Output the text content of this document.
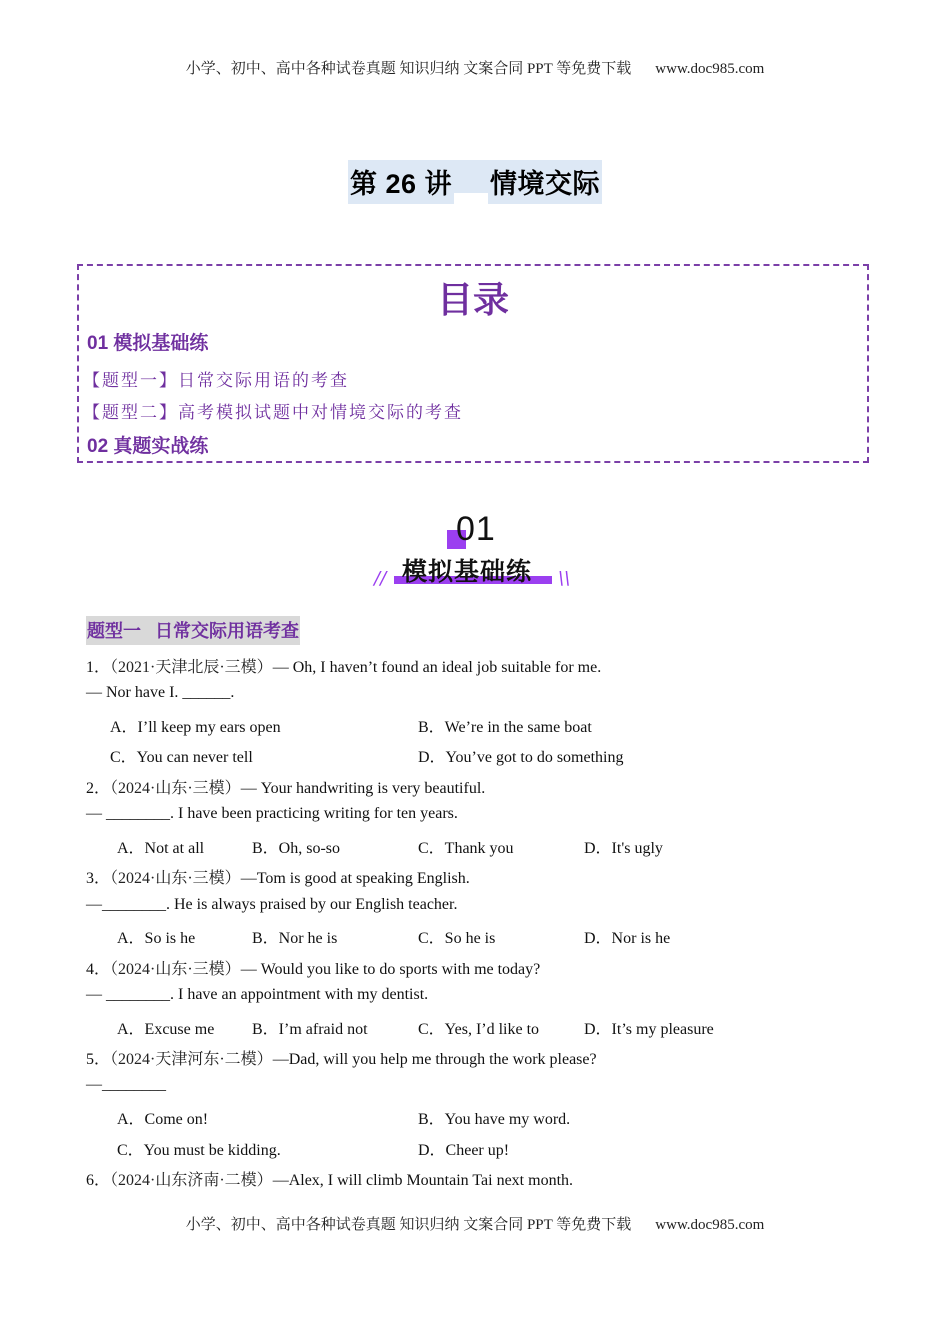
小学、初中、高中各种试卷真题 知识归纳 文案合同 PPT 等免费下载 www.doc985.com
第 26 讲 情境交际
目录
01 模拟基础练
【题型一】日常交际用语的考查
【题型二】高考模拟试题中对情境交际的考查
02 真题实战练
01
模拟基础练
//	\\
题型一 日常交际用语考查
1．（2021·天津北辰·三模）— Oh, I haven’t found an ideal job suitable for me.
— Nor have I. ______.
A．I’ll keep my ears open	B．We’re in the same boat
C．You can never tell	D．You’ve got to do something
2．（2024·山东·三模）— Your handwriting is very beautiful.
— ________. I have been practicing writing for ten years.
A．Not at all	B．Oh, so-so	C．Thank you	D．It's ugly
3．（2024·山东·三模）—Tom is good at speaking English.
—________. He is always praised by our English teacher.
A．So is he	B．Nor he is	C．So he is	D．Nor is he
4．（2024·山东·三模）— Would you like to do sports with me today?
— ________. I have an appointment with my dentist.
A．Excuse me B．I’m afraid not	C．Yes, I’d like to	D．It’s my pleasure
5．（2024·天津河东·二模）—Dad, will you help me through the work please?
—________
A．Come on!	B．You have my word.
C．You must be kidding.	D．Cheer up!
6．（2024·山东济南·二模）—Alex, I will climb Mountain Tai next month.
小学、初中、高中各种试卷真题 知识归纳 文案合同 PPT 等免费下载 www.doc985.com
